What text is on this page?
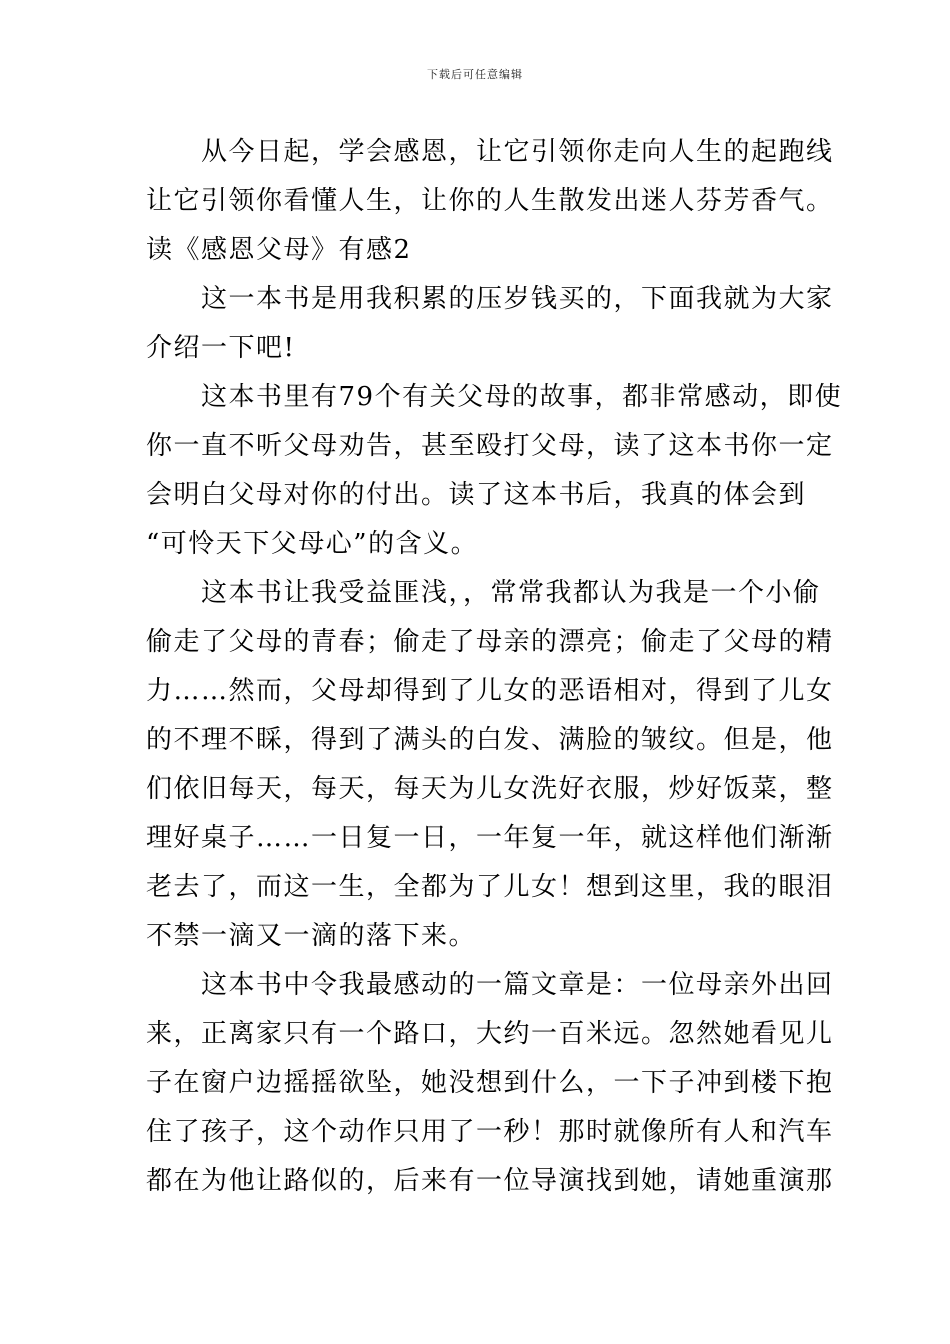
下载后可任意编辑
　　从今日起，学会感恩，让它引领你走向人生的起跑线
让它引领你看懂人生，让你的人生散发出迷人芬芳香气。
读《感恩父母》有感2
　　这一本书是用我积累的压岁钱买的，下面我就为大家
介绍一下吧!
　　这本书里有79个有关父母的故事，都非常感动，即使
你一直不听父母劝告，甚至殴打父母，读了这本书你一定
会明白父母对你的付出。读了这本书后，我真的体会到
“可怜天下父母心”的含义。
　　这本书让我受益匪浅，，常常我都认为我是一个小偷
偷走了父母的青春；偷走了母亲的漂亮；偷走了父母的精
力……然而，父母却得到了儿女的恶语相对，得到了儿女
的不理不睬，得到了满头的白发、满脸的皱纹。但是，他
们依旧每天，每天，每天为儿女洗好衣服，炒好饭菜，整
理好桌子……一日复一日，一年复一年，就这样他们渐渐
老去了，而这一生，全都为了儿女！想到这里，我的眼泪
不禁一滴又一滴的落下来。
　　这本书中令我最感动的一篇文章是：一位母亲外出回
来，正离家只有一个路口，大约一百米远。忽然她看见儿
子在窗户边摇摇欲坠，她没想到什么，一下子冲到楼下抱
住了孩子，这个动作只用了一秒！那时就像所有人和汽车
都在为他让路似的，后来有一位导演找到她，请她重演那
